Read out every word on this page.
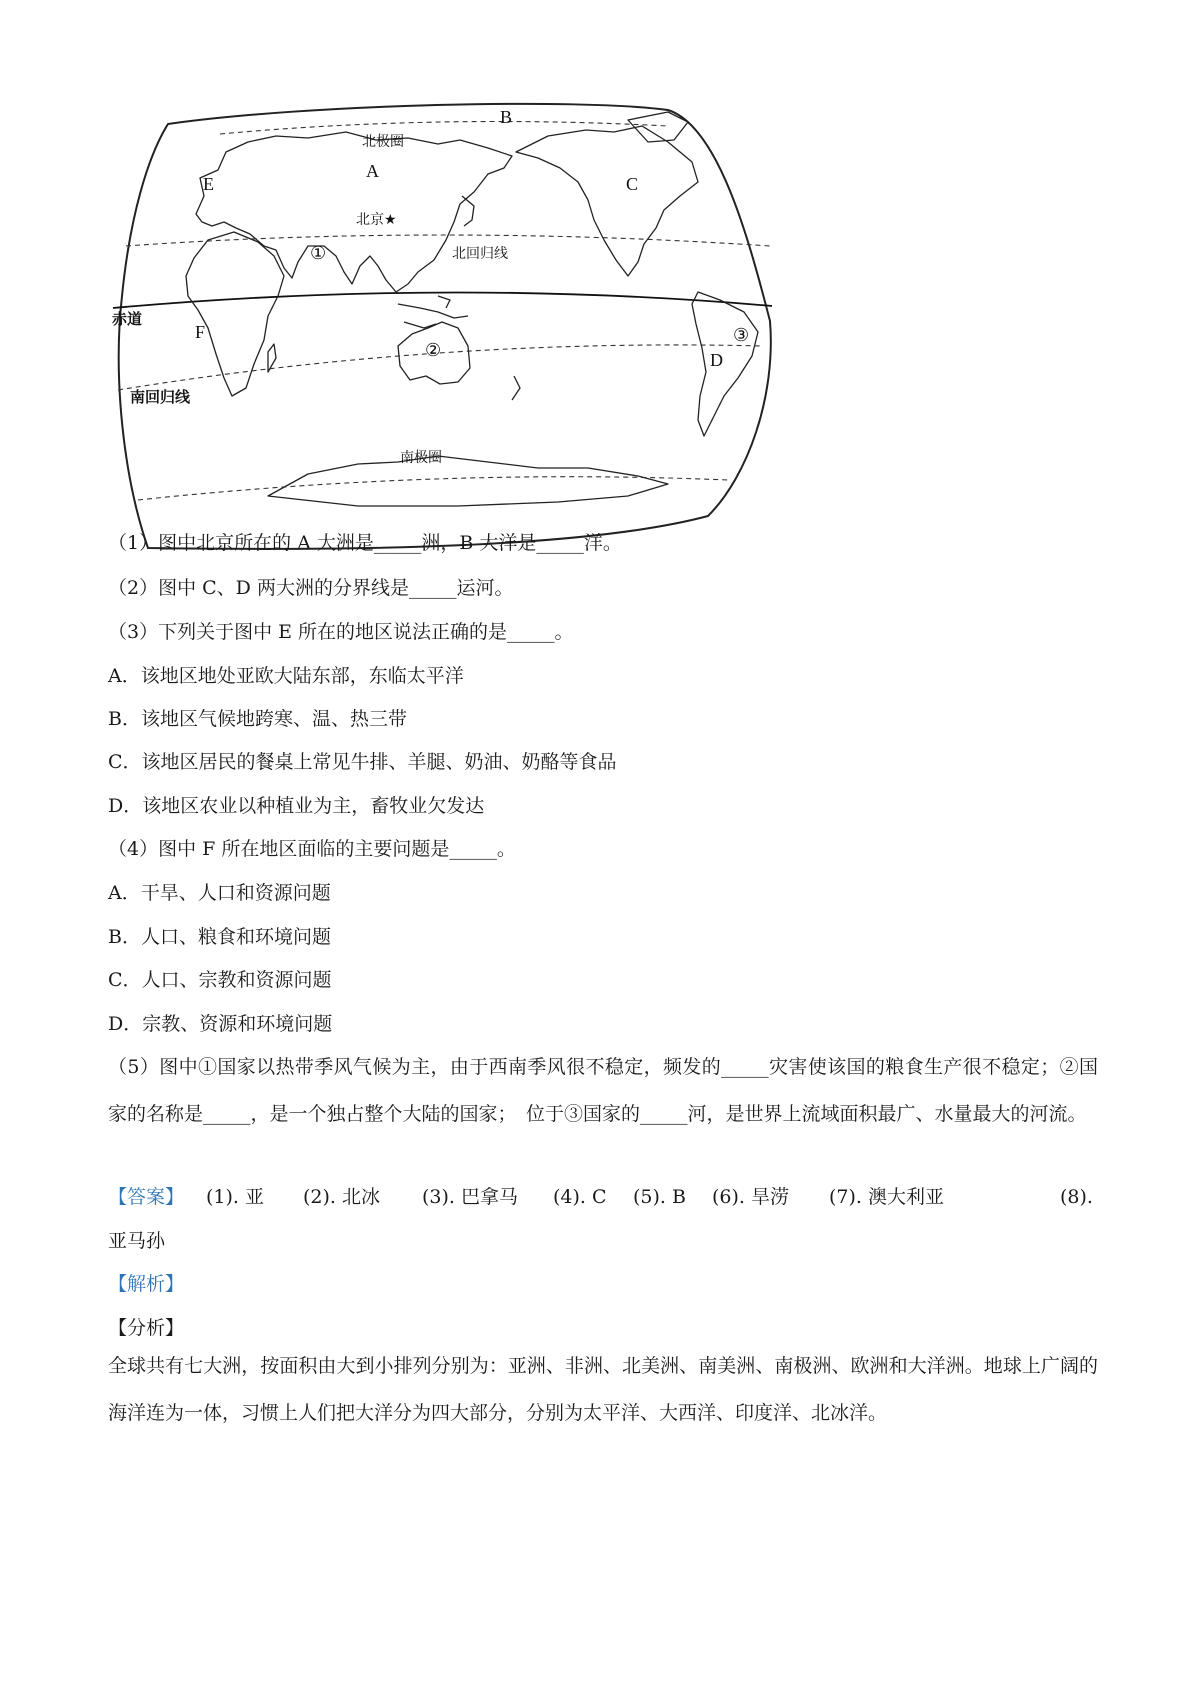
A
B
C
D
E
F
①
②
③
北京★
北极圈
北回归线
赤道
南回归线
南极圈
（1）图中北京所在的 A 大洲是_____洲，B 大洋是_____洋。
（2）图中 C、D 两大洲的分界线是_____运河。
（3）下列关于图中 E 所在的地区说法正确的是_____。
A．该地区地处亚欧大陆东部，东临太平洋
B．该地区气候地跨寒、温、热三带
C．该地区居民的餐桌上常见牛排、羊腿、奶油、奶酪等食品
D．该地区农业以种植业为主，畜牧业欠发达
（4）图中 F 所在地区面临的主要问题是_____。
A．干旱、人口和资源问题
B．人口、粮食和环境问题
C．人口、宗教和资源问题
D．宗教、资源和环境问题
（5）图中①国家以热带季风气候为主，由于西南季风很不稳定，频发的_____灾害使该国的粮食生产很不稳定；②国家的名称是_____，是一个独占整个大陆的国家；　位于③国家的_____河，是世界上流域面积最广、水量最大的河流。
【答案】 (1). 亚 (2). 北冰 (3). 巴拿马 (4). C (5). B (6). 旱涝 (7). 澳大利亚	(8).
亚马孙
【解析】
【分析】
全球共有七大洲，按面积由大到小排列分别为：亚洲、非洲、北美洲、南美洲、南极洲、欧洲和大洋洲。地球上广阔的海洋连为一体，习惯上人们把大洋分为四大部分，分别为太平洋、大西洋、印度洋、北冰洋。
